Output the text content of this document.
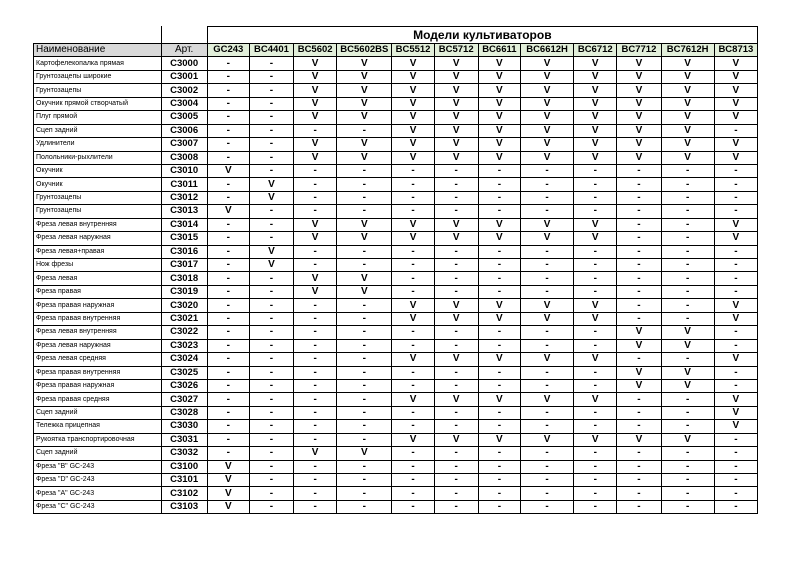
		Модели культиваторов											
Наименование	Арт.	GC243	BC4401	BC5602	BC5602BS	BC5512	BC5712	BC6611	BC6612H	BC6712	BC7712	BC7612H	BC8713
Картофелекопалка прямая	C3000	-	-	V	V	V	V	V	V	V	V	V	V
Грунтозацепы широкие	C3001	-	-	V	V	V	V	V	V	V	V	V	V
Грунтозацепы	C3002	-	-	V	V	V	V	V	V	V	V	V	V
Окучник прямой створчатый	C3004	-	-	V	V	V	V	V	V	V	V	V	V
Плуг прямой	C3005	-	-	V	V	V	V	V	V	V	V	V	V
Сцеп задний	C3006	-	-	-	-	V	V	V	V	V	V	V	-
Удлинители	C3007	-	-	V	V	V	V	V	V	V	V	V	V
Полольники-рыхлители	C3008	-	-	V	V	V	V	V	V	V	V	V	V
Окучник	C3010	V	-	-	-	-	-	-	-	-	-	-	-
Окучник	C3011	-	V	-	-	-	-	-	-	-	-	-	-
Грунтозацепы	C3012	-	V	-	-	-	-	-	-	-	-	-	-
Грунтозацепы	C3013	V	-	-	-	-	-	-	-	-	-	-	-
Фреза левая внутренняя	C3014	-	-	V	V	V	V	V	V	V	-	-	V
Фреза левая наружная	C3015	-	-	V	V	V	V	V	V	V	-	-	V
Фреза левая+правая	C3016	-	V	-	-	-	-	-	-	-	-	-	-
Нож фрезы	C3017	-	V	-	-	-	-	-	-	-	-	-	-
Фреза левая	C3018	-	-	V	V	-	-	-	-	-	-	-	-
Фреза правая	C3019	-	-	V	V	-	-	-	-	-	-	-	-
Фреза правая наружная	C3020	-	-	-	-	V	V	V	V	V	-	-	V
Фреза правая внутренняя	C3021	-	-	-	-	V	V	V	V	V	-	-	V
Фреза левая внутренняя	C3022	-	-	-	-	-	-	-	-	-	V	V	-
Фреза левая наружная	C3023	-	-	-	-	-	-	-	-	-	V	V	-
Фреза левая средняя	C3024	-	-	-	-	V	V	V	V	V	-	-	V
Фреза правая внутренняя	C3025	-	-	-	-	-	-	-	-	-	V	V	-
Фреза правая наружная	C3026	-	-	-	-	-	-	-	-	-	V	V	-
Фреза правая средняя	C3027	-	-	-	-	V	V	V	V	V	-	-	V
Сцеп задний	C3028	-	-	-	-	-	-	-	-	-	-	-	V
Тележка прицепная	C3030	-	-	-	-	-	-	-	-	-	-	-	V
Рукоятка транспортировочная	C3031	-	-	-	-	V	V	V	V	V	V	V	-
Сцеп задний	C3032	-	-	V	V	-	-	-	-	-	-	-	-
Фреза "B" GC-243	C3100	V	-	-	-	-	-	-	-	-	-	-	-
Фреза "D" GC-243	C3101	V	-	-	-	-	-	-	-	-	-	-	-
Фреза "A" GC-243	C3102	V	-	-	-	-	-	-	-	-	-	-	-
Фреза "C" GC-243	C3103	V	-	-	-	-	-	-	-	-	-	-	-
